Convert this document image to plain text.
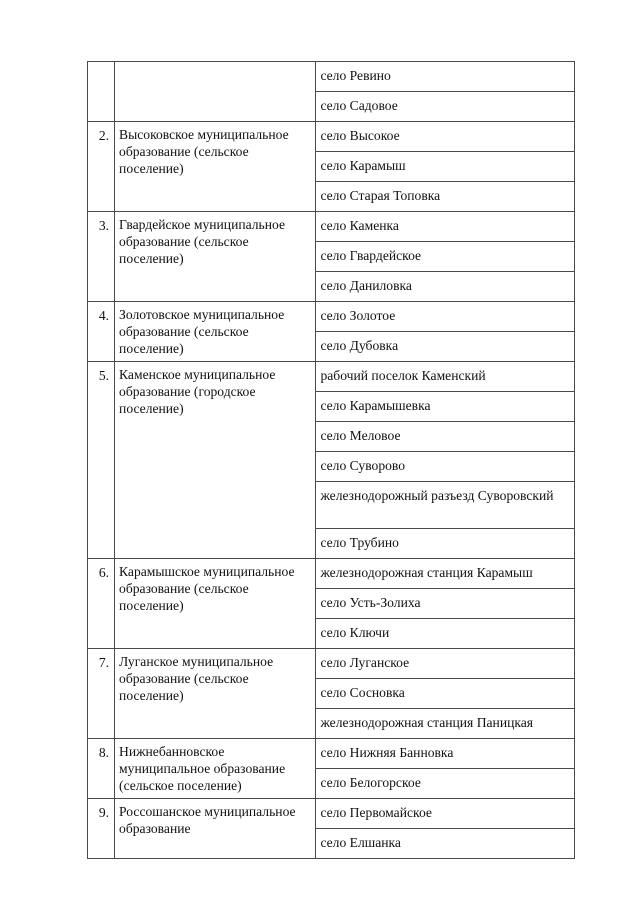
		село Ревино
		село Садовое
2.	Высоковское муниципальное образование (сельское поселение)	село Высокое
		село Карамыш
		село Старая Топовка
3.	Гвардейское муниципальное образование (сельское поселение)	село Каменка
		село Гвардейское
		село Даниловка
4.	Золотовское муниципальное образование (сельское поселение)	село Золотое
		село Дубовка
5.	Каменское муниципальное образование (городское поселение)	рабочий поселок Каменский
		село Карамышевка
		село Меловое
		село Суворово
		железнодорожный разъезд Суворовский
		село Трубино
6.	Карамышское муниципальное образование (сельское поселение)	железнодорожная станция Карамыш
		село Усть-Золиха
		село Ключи
7.	Луганское муниципальное образование (сельское поселение)	село Луганское
		село Сосновка
		железнодорожная станция Паницкая
8.	Нижнебанновское муниципальное образование (сельское поселение)	село Нижняя Банновка
		село Белогорское
9.	Россошанское муниципальное образование	село Первомайское
		село Елшанка
